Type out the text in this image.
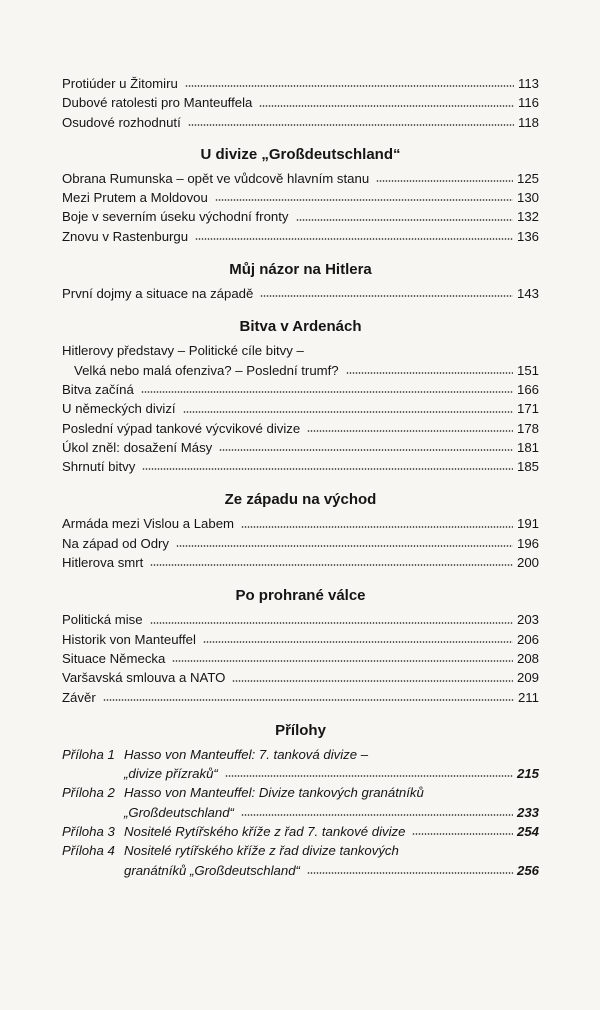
Protiúder u Žitomiru	113
Dubové ratolesti pro Manteuffela	116
Osudové rozhodnutí	118
U divize „Großdeutschland“
Obrana Rumunska – opět ve vůdcově hlavním stanu	125
Mezi Prutem a Moldovou	130
Boje v severním úseku východní fronty	132
Znovu v Rastenburgu	136
Můj názor na Hitlera
První dojmy a situace na západě	143
Bitva v Ardenách
Hitlerovy představy – Politické cíle bitvy –
Velká nebo malá ofenziva? – Poslední trumf?	151
Bitva začíná	166
U německých divizí	171
Poslední výpad tankové výcvikové divize	178
Úkol zněl: dosažení Másy	181
Shrnutí bitvy	185
Ze západu na východ
Armáda mezi Vislou a Labem	191
Na západ od Odry	196
Hitlerova smrt	200
Po prohrané válce
Politická mise	203
Historik von Manteuffel	206
Situace Německa	208
Varšavská smlouva a NATO	209
Závěr	211
Přílohy
Příloha 1 Hasso von Manteuffel: 7. tanková divize –
„divize přízraků“	215
Příloha 2 Hasso von Manteuffel: Divize tankových granátníků
„Großdeutschland“	233
Příloha 3 Nositelé Rytířského kříže z řad 7. tankové divize	254
Příloha 4 Nositelé rytířského kříže z řad divize tankových
granátníků „Großdeutschland“	256
